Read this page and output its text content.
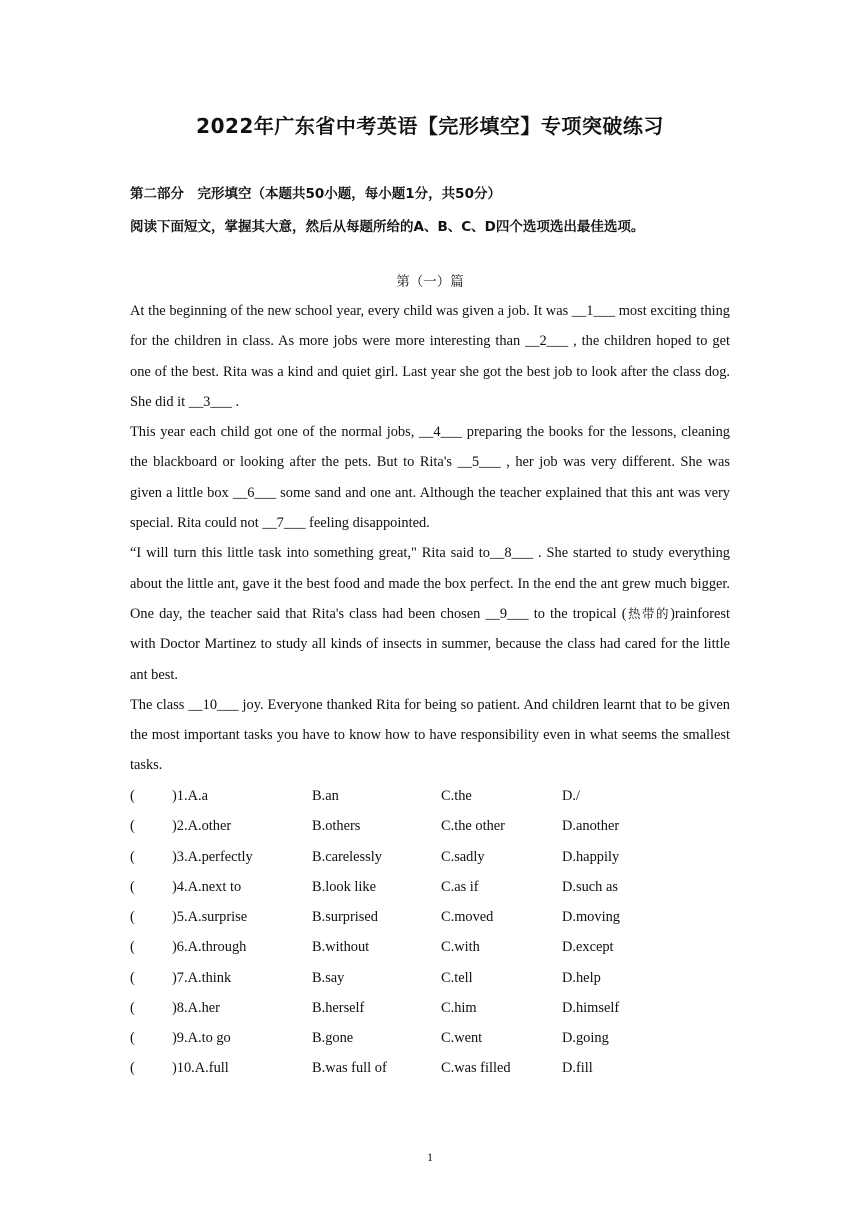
2022年广东省中考英语【完形填空】专项突破练习
第二部分　完形填空（本题共50小题，每小题1分，共50分）
阅读下面短文，掌握其大意，然后从每题所给的A、B、C、D四个选项选出最佳选项。
第（一）篇

At the beginning of the new school year, every child was given a job. It was __1___ most exciting thing for the children in class. As more jobs were more interesting than __2___ , the children hoped to get one of the best. Rita was a kind and quiet girl. Last year she got the best job to look after the class dog. She did it __3___ .

This year each child got one of the normal jobs, __4___ preparing the books for the lessons, cleaning the blackboard or looking after the pets. But to Rita's __5___ , her job was very different. She was given a little box __6___ some sand and one ant. Although the teacher explained that this ant was very special. Rita could not __7___ feeling disappointed.

“I will turn this little task into something great," Rita said to__8___ . She started to study everything about the little ant, gave it the best food and made the box perfect. In the end the ant grew much bigger. One day, the teacher said that Rita's class had been chosen __9___ to the tropical (热带的)rainforest with Doctor Martinez to study all kinds of insects in summer, because the class had cared for the little ant best.

The class __10___ joy. Everyone thanked Rita for being so patient. And children learnt that to be given the most important tasks you have to know how to have responsibility even in what seems the smallest tasks.

(	)1.A.a	B.an	C.the	D./
(	)2.A.other	B.others	C.the other	D.another
(	)3.A.perfectly	B.carelessly	C.sadly	D.happily
(	)4.A.next to	B.look like	C.as if	D.such as
(	)5.A.surprise	B.surprised	C.moved	D.moving
(	)6.A.through	B.without	C.with	D.except
(	)7.A.think	B.say	C.tell	D.help
(	)8.A.her	B.herself	C.him	D.himself
(	)9.A.to go	B.gone	C.went	D.going
(	)10.A.full	B.was full of	C.was filled	D.fill
1
